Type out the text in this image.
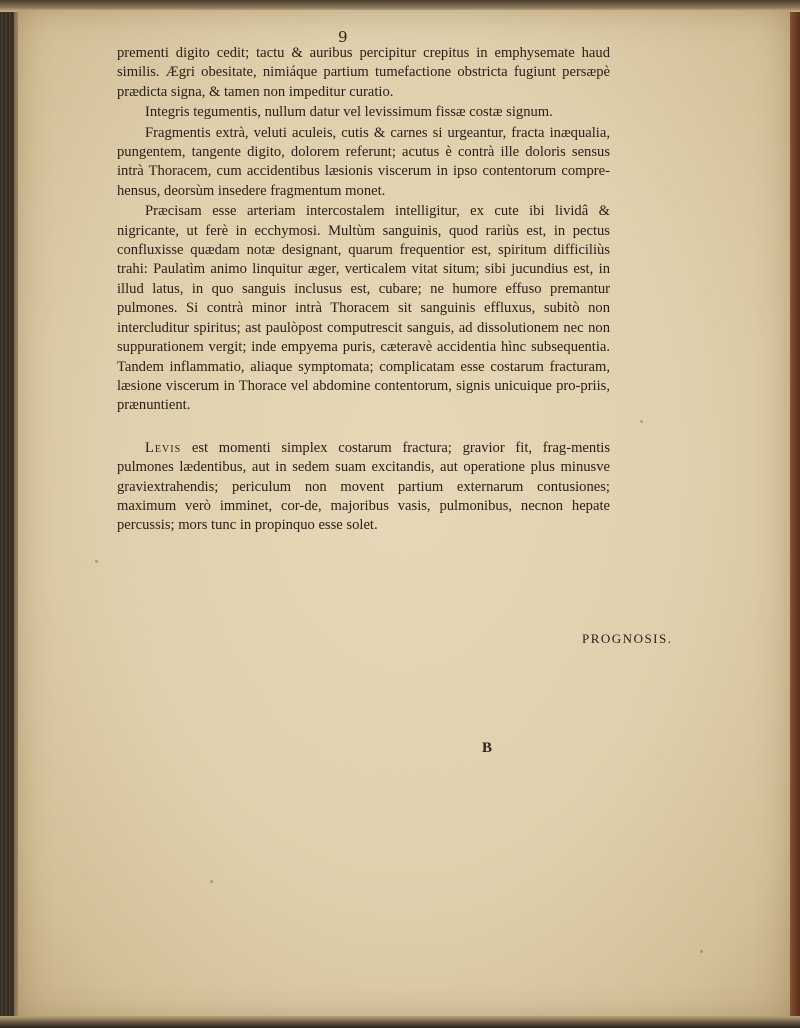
9

prementi digito cedit; tactu & auribus percipitur crepitus in emphysemate haud similis. Ægri obesitate, nimiáque partium tumefactione obstricta fugiunt persæpè prædicta signa, & tamen non impeditur curatio.

Integris tegumentis, nullum datur vel levissimum fissæ costæ signum.

Fragmentis extrà, veluti aculeis, cutis & carnes si urgeantur, fracta inæqualia, pungentem, tangente digito, dolorem referunt; acutus è contrà ille doloris sensus intrà Thoracem, cum accidentibus læsionis viscerum in ipso contentorum compre-hensus, deorsùm insedere fragmentum monet.

Præcisam esse arteriam intercostalem intelligitur, ex cute ibi lividâ & nigricante, ut ferè in ecchymosi. Multùm sanguinis, quod rariùs est, in pectus confluxisse quædam notæ designant, quarum frequentior est, spiritum difficiliùs trahi: Paulatìm animo linquitur æger, verticalem vitat situm; sibi jucundius est, in illud latus, in quo sanguis inclusus est, cubare; ne humore effuso premantur pulmones. Si contrà minor intrà Thoracem sit sanguinis effluxus, subitò non intercluditur spiritus; ast paulòpost computrescit sanguis, ad dissolutionem nec non suppurationem vergit; inde empyema puris, cæteravè accidentia hìnc subsequentia. Tandem inflammatio, aliaque symptomata; complicatam esse costarum fracturam, læsione viscerum in Thorace vel abdomine contentorum, signis unicuique pro-priis, prænuntient.

Levis est momenti simplex costarum fractura; gravior fit, frag-mentis pulmones lædentibus, aut in sedem suam excitandis, aut operatione plus minusve graviextrahendis; periculum non movent partium externarum contusiones; maximum verò imminet, cor-de, majoribus vasis, pulmonibus, necnon hepate percussis; mors tunc in propinquo esse solet.

PROGNOSIS.
B
